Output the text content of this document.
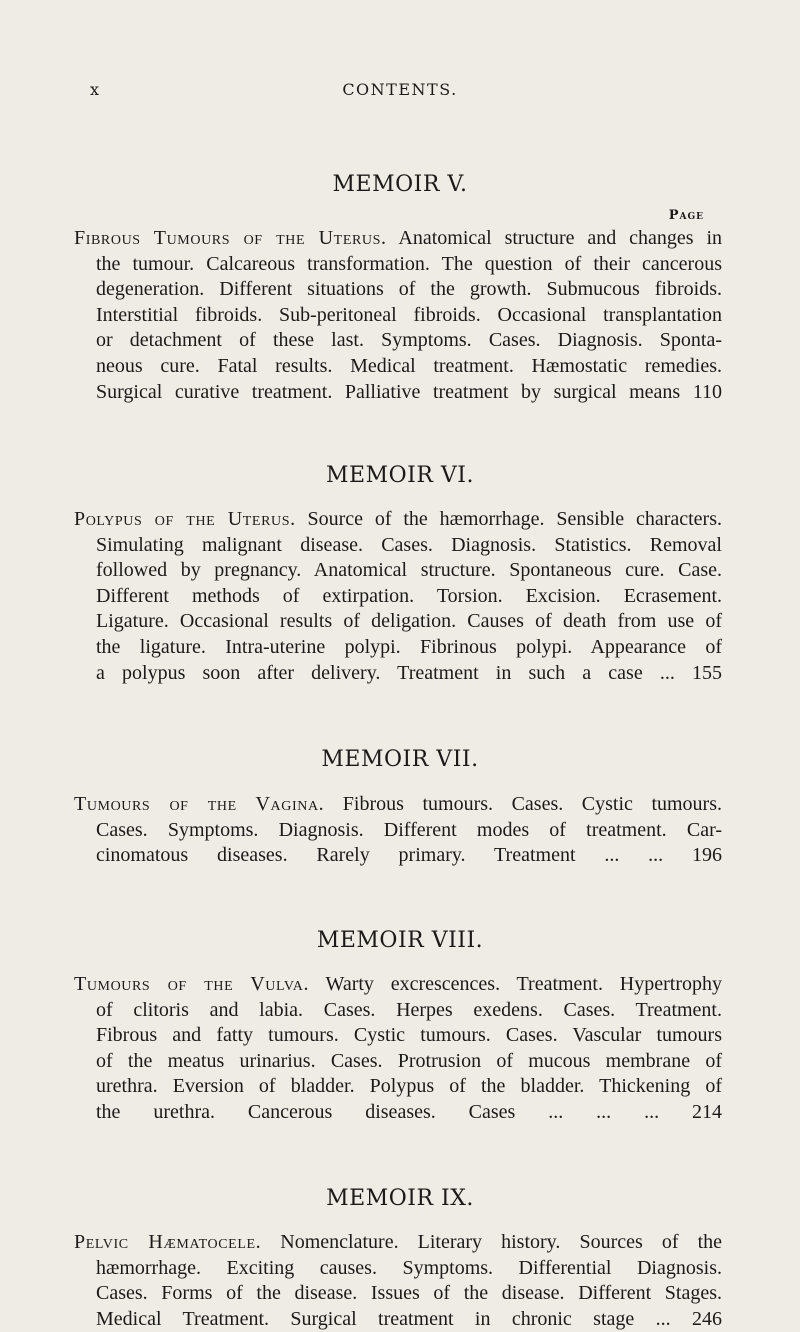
x	CONTENTS.
MEMOIR V.
Page
Fibrous Tumours of the Uterus. Anatomical structure and changes in
the tumour. Calcareous transformation. The question of their cancerous
degeneration. Different situations of the growth. Submucous fibroids.
Interstitial fibroids. Sub-peritoneal fibroids. Occasional transplantation
or detachment of these last. Symptoms. Cases. Diagnosis. Sponta-
neous cure. Fatal results. Medical treatment. Hæmostatic remedies.
Surgical curative treatment. Palliative treatment by surgical means 110
MEMOIR VI.
Polypus of the Uterus. Source of the hæmorrhage. Sensible characters.
Simulating malignant disease. Cases. Diagnosis. Statistics. Removal
followed by pregnancy. Anatomical structure. Spontaneous cure. Case.
Different methods of extirpation. Torsion. Excision. Ecrasement.
Ligature. Occasional results of deligation. Causes of death from use of
the ligature. Intra-uterine polypi. Fibrinous polypi. Appearance of
a polypus soon after delivery. Treatment in such a case ... 155
MEMOIR VII.
Tumours of the Vagina. Fibrous tumours. Cases. Cystic tumours.
Cases. Symptoms. Diagnosis. Different modes of treatment. Car-
cinomatous diseases. Rarely primary. Treatment ... ... 196
MEMOIR VIII.
Tumours of the Vulva. Warty excrescences. Treatment. Hypertrophy
of clitoris and labia. Cases. Herpes exedens. Cases. Treatment.
Fibrous and fatty tumours. Cystic tumours. Cases. Vascular tumours
of the meatus urinarius. Cases. Protrusion of mucous membrane of
urethra. Eversion of bladder. Polypus of the bladder. Thickening of
the urethra. Cancerous diseases. Cases ... ... ... 214
MEMOIR IX.
Pelvic Hæmatocele. Nomenclature. Literary history. Sources of the
hæmorrhage. Exciting causes. Symptoms. Differential Diagnosis.
Cases. Forms of the disease. Issues of the disease. Different Stages.
Medical Treatment. Surgical treatment in chronic stage ... 246
